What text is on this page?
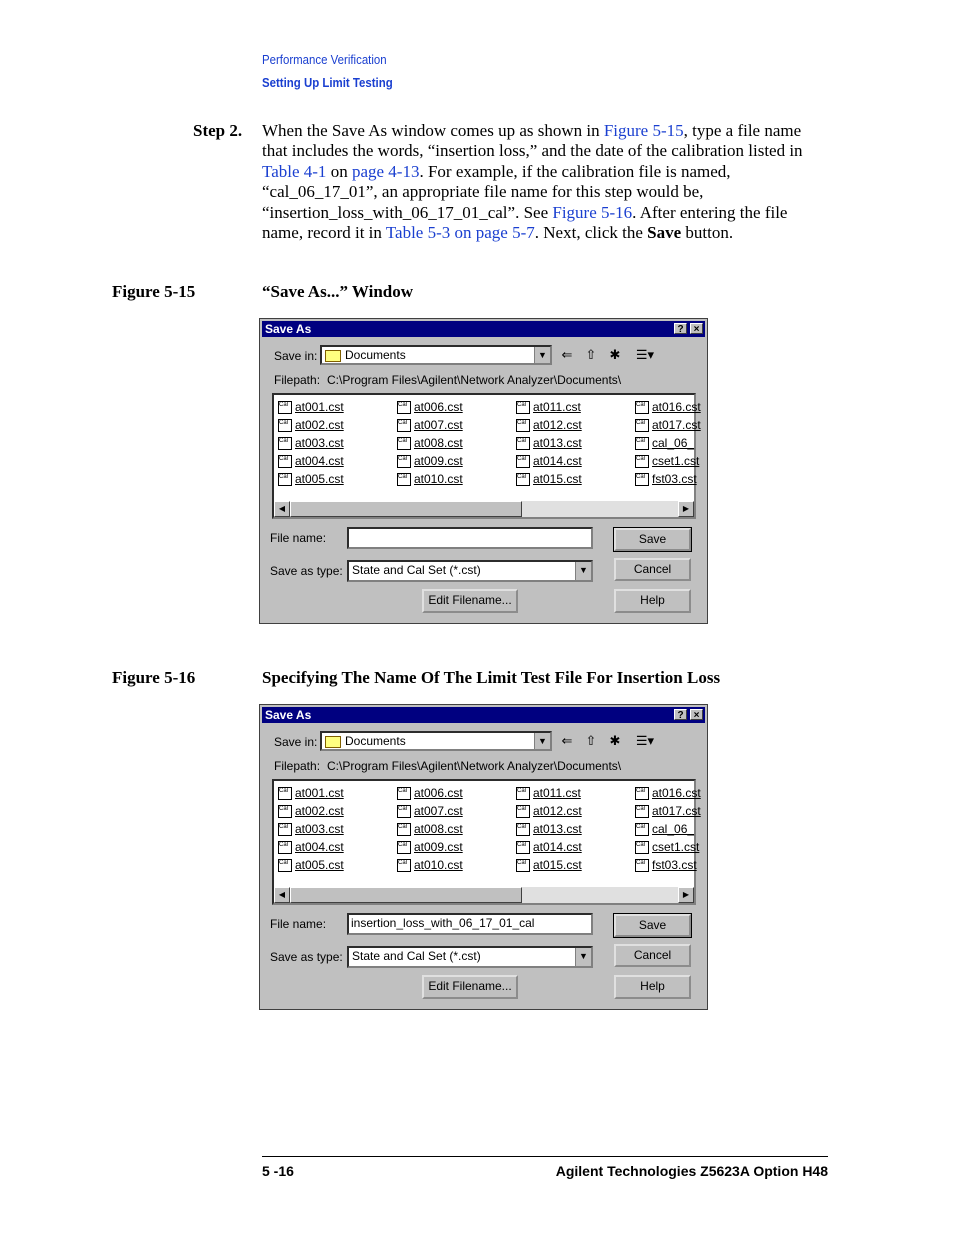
Performance Verification
Setting Up Limit Testing
Step 2. When the Save As window comes up as shown in Figure 5-15, type a file name that includes the words, “insertion loss,” and the date of the calibration listed in Table 4-1 on page 4-13. For example, if the calibration file is named, “cal_06_17_01”, an appropriate file name for this step would be, “insertion_loss_with_06_17_01_cal”. See Figure 5-16. After entering the file name, record it in Table 5-3 on page 5-7. Next, click the Save button.
Figure 5-15	“Save As...” Window
Figure 5-16	Specifying The Name Of The Limit Test File For Insertion Loss
Save As	?	×
Save in:	Documents	▼ ⇐ ⇧ ✱	☰▾
Filepath: C:\Program Files\Agilent\Network Analyzer\Documents\
Cal at001.cst
Cal at002.cst
Cal at003.cst
Cal at004.cst
Cal at005.cst
Cal at006.cst
Cal at007.cst
Cal at008.cst
Cal at009.cst
Cal at010.cst
Cal at011.cst
Cal at012.cst
Cal at013.cst
Cal at014.cst
Cal at015.cst
Cal at016.cst
Cal at017.cst
Cal cal_06_
Cal cset1.cst
Cal fst03.cst
◀	▶
File name:	Save
Save as type: State and Cal Set (*.cst)	▼	Cancel
Edit Filename...	Help
Save As	?	×
Save in:	Documents	▼ ⇐ ⇧ ✱	☰▾
Filepath: C:\Program Files\Agilent\Network Analyzer\Documents\
Cal at001.cst
Cal at002.cst
Cal at003.cst
Cal at004.cst
Cal at005.cst
Cal at006.cst
Cal at007.cst
Cal at008.cst
Cal at009.cst
Cal at010.cst
Cal at011.cst
Cal at012.cst
Cal at013.cst
Cal at014.cst
Cal at015.cst
Cal at016.cst
Cal at017.cst
Cal cal_06_
Cal cset1.cst
Cal fst03.cst
◀	▶
File name:	insertion_loss_with_06_17_01_cal	Save
Save as type: State and Cal Set (*.cst)	▼	Cancel
Edit Filename...	Help
5 -16	Agilent Technologies Z5623A Option H48
